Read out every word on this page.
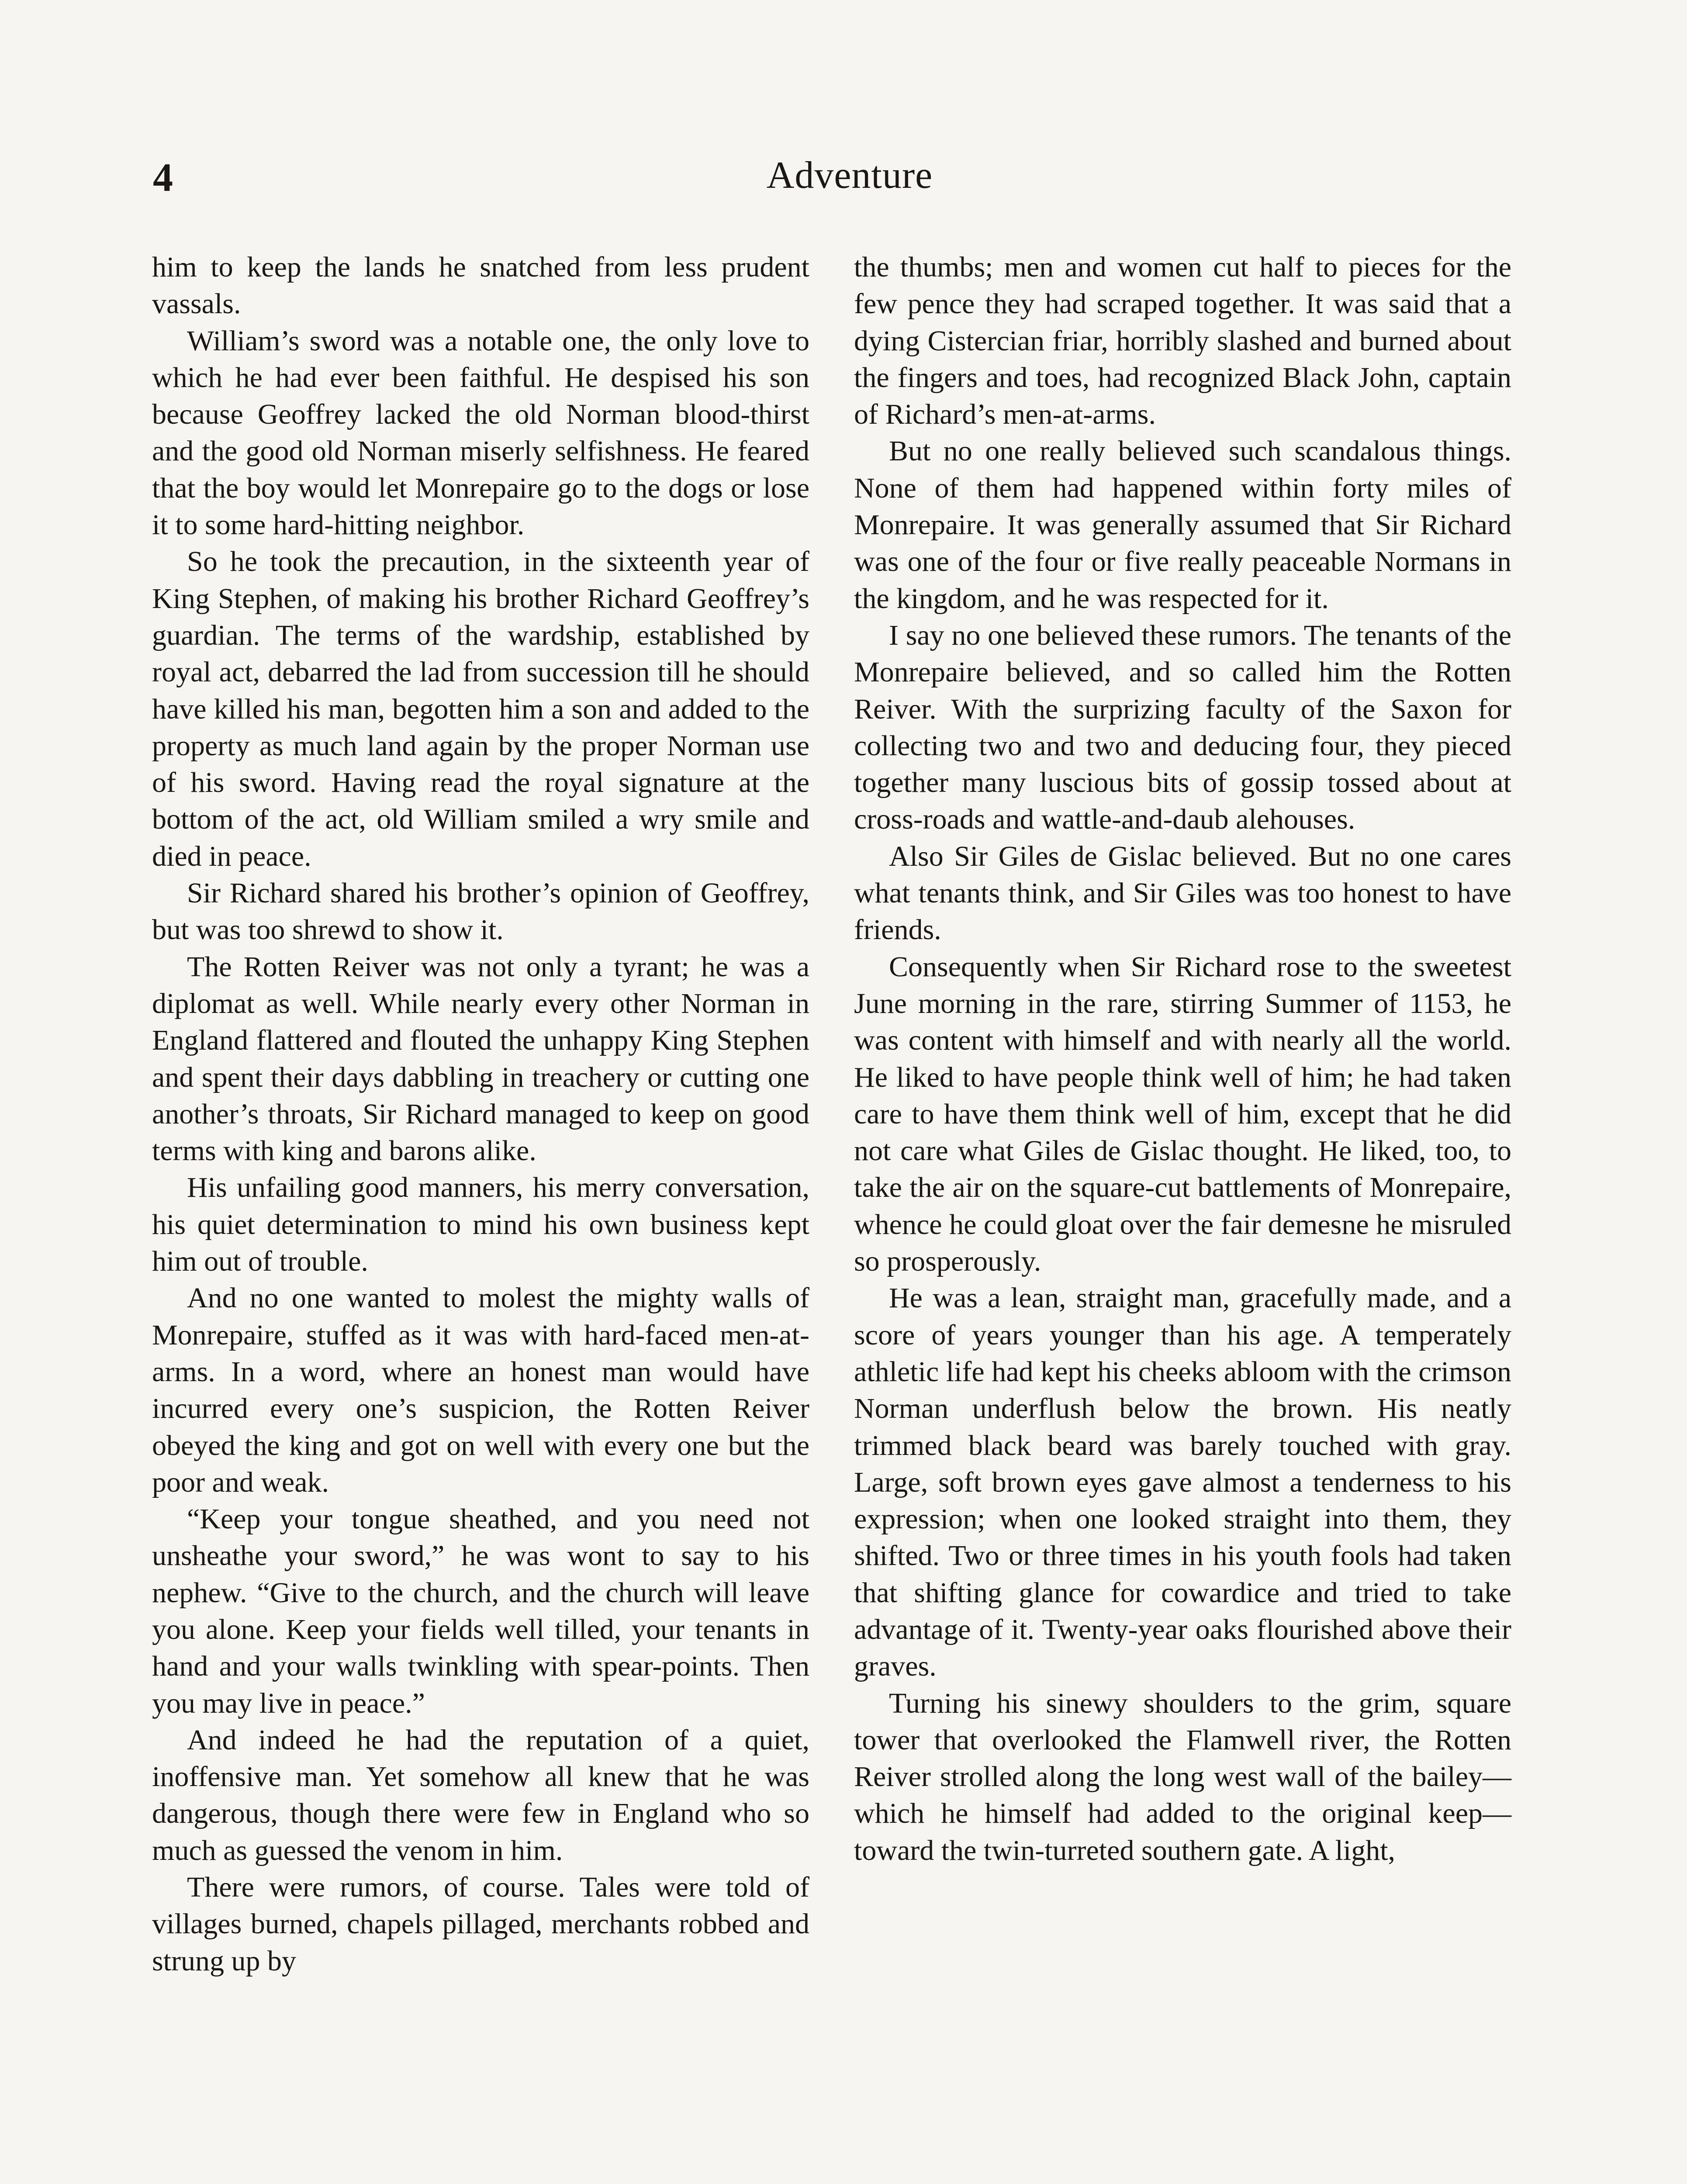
4	Adventure

him to keep the lands he snatched from less prudent vassals.

William’s sword was a notable one, the only love to which he had ever been faithful. He despised his son because Geoffrey lacked the old Norman blood-thirst and the good old Norman miserly selfishness. He feared that the boy would let Monrepaire go to the dogs or lose it to some hard-hitting neighbor.

So he took the precaution, in the sixteenth year of King Stephen, of making his brother Richard Geoffrey’s guardian. The terms of the wardship, established by royal act, debarred the lad from succession till he should have killed his man, begotten him a son and added to the property as much land again by the proper Norman use of his sword. Having read the royal signature at the bottom of the act, old William smiled a wry smile and died in peace.

Sir Richard shared his brother’s opinion of Geoffrey, but was too shrewd to show it.

The Rotten Reiver was not only a tyrant; he was a diplomat as well. While nearly every other Norman in England flattered and flouted the unhappy King Stephen and spent their days dabbling in treachery or cutting one another’s throats, Sir Richard managed to keep on good terms with king and barons alike.

His unfailing good manners, his merry conversation, his quiet determination to mind his own business kept him out of trouble.

And no one wanted to molest the mighty walls of Monrepaire, stuffed as it was with hard-faced men-at-arms. In a word, where an honest man would have incurred every one’s suspicion, the Rotten Reiver obeyed the king and got on well with every one but the poor and weak.

“Keep your tongue sheathed, and you need not unsheathe your sword,” he was wont to say to his nephew. “Give to the church, and the church will leave you alone. Keep your fields well tilled, your tenants in hand and your walls twinkling with spear-points. Then you may live in peace.”

And indeed he had the reputation of a quiet, inoffensive man. Yet somehow all knew that he was dangerous, though there were few in England who so much as guessed the venom in him.

There were rumors, of course. Tales were told of villages burned, chapels pillaged, merchants robbed and strung up by

the thumbs; men and women cut half to pieces for the few pence they had scraped together. It was said that a dying Cistercian friar, horribly slashed and burned about the fingers and toes, had recognized Black John, captain of Richard’s men-at-arms.

But no one really believed such scandalous things. None of them had happened within forty miles of Monrepaire. It was generally assumed that Sir Richard was one of the four or five really peaceable Normans in the kingdom, and he was respected for it.

I say no one believed these rumors. The tenants of the Monrepaire believed, and so called him the Rotten Reiver. With the surprizing faculty of the Saxon for collecting two and two and deducing four, they pieced together many luscious bits of gossip tossed about at cross-roads and wattle-and-daub alehouses.

Also Sir Giles de Gislac believed. But no one cares what tenants think, and Sir Giles was too honest to have friends.

Consequently when Sir Richard rose to the sweetest June morning in the rare, stirring Summer of 1153, he was content with himself and with nearly all the world. He liked to have people think well of him; he had taken care to have them think well of him, except that he did not care what Giles de Gislac thought. He liked, too, to take the air on the square-cut battlements of Monrepaire, whence he could gloat over the fair demesne he misruled so prosperously.

He was a lean, straight man, gracefully made, and a score of years younger than his age. A temperately athletic life had kept his cheeks abloom with the crimson Norman underflush below the brown. His neatly trimmed black beard was barely touched with gray. Large, soft brown eyes gave almost a tenderness to his expression; when one looked straight into them, they shifted. Two or three times in his youth fools had taken that shifting glance for cowardice and tried to take advantage of it. Twenty-year oaks flourished above their graves.

Turning his sinewy shoulders to the grim, square tower that overlooked the Flamwell river, the Rotten Reiver strolled along the long west wall of the bailey—which he himself had added to the original keep—toward the twin-turreted southern gate. A light,
